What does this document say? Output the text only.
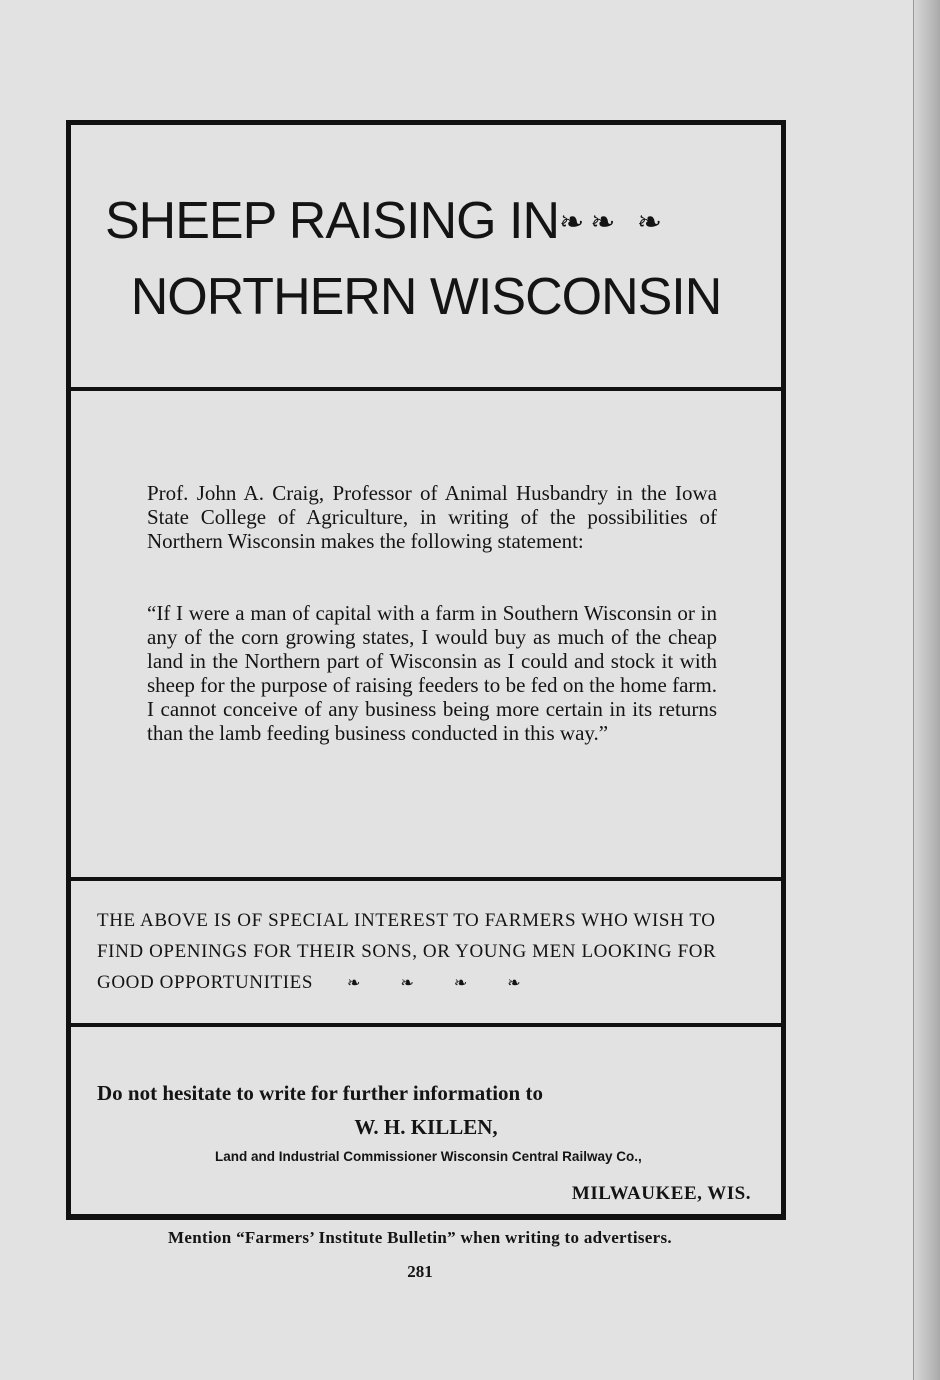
SHEEP RAISING IN❧❧ ❧
NORTHERN WISCONSIN

Prof. John A. Craig, Professor of Animal Husbandry in the Iowa State College of Agriculture, in writing of the possibilities of Northern Wisconsin makes the following statement:

“If I were a man of capital with a farm in Southern Wisconsin or in any of the corn growing states, I would buy as much of the cheap land in the Northern part of Wisconsin as I could and stock it with sheep for the purpose of raising feeders to be fed on the home farm. I cannot conceive of any business being more certain in its returns than the lamb feeding business conducted in this way.”

THE ABOVE IS OF SPECIAL INTEREST TO FARMERS WHO WISH TO FIND OPENINGS FOR THEIR SONS, OR YOUNG MEN LOOKING FOR GOOD OPPORTUNITIES ❧❧❧❧

Do not hesitate to write for further information to

W. H. KILLEN,

Land and Industrial Commissioner Wisconsin Central Railway Co.,

MILWAUKEE, WIS.

Mention “Farmers’ Institute Bulletin” when writing to advertisers.

281
